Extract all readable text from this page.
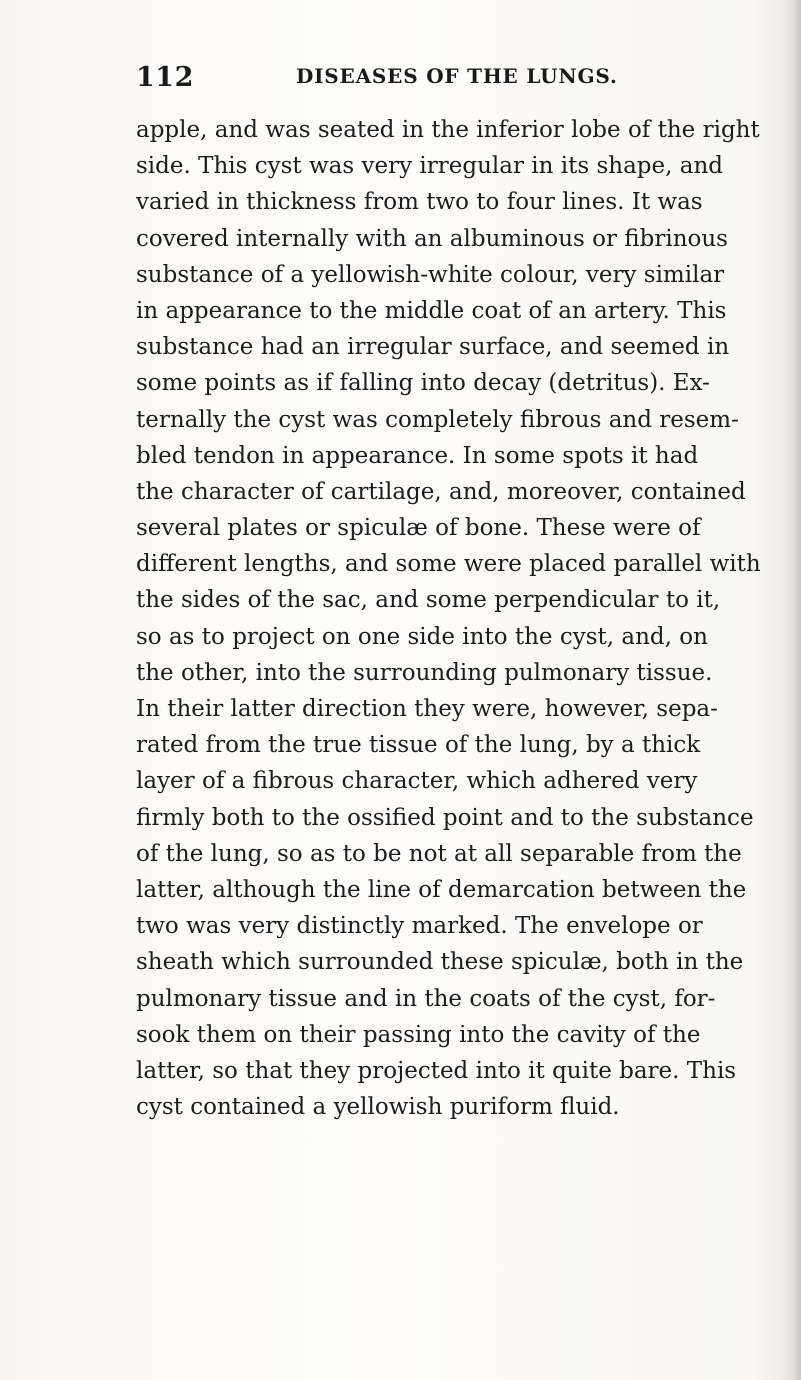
112	DISEASES OF THE LUNGS.
apple, and was seated in the inferior lobe of the right
side. This cyst was very irregular in its shape, and
varied in thickness from two to four lines. It was
covered internally with an albuminous or fibrinous
substance of a yellowish-white colour, very similar
in appearance to the middle coat of an artery. This
substance had an irregular surface, and seemed in
some points as if falling into decay (detritus). Ex-
ternally the cyst was completely fibrous and resem-
bled tendon in appearance. In some spots it had
the character of cartilage, and, moreover, contained
several plates or spiculæ of bone. These were of
different lengths, and some were placed parallel with
the sides of the sac, and some perpendicular to it,
so as to project on one side into the cyst, and, on
the other, into the surrounding pulmonary tissue.
In their latter direction they were, however, sepa-
rated from the true tissue of the lung, by a thick
layer of a fibrous character, which adhered very
firmly both to the ossified point and to the substance
of the lung, so as to be not at all separable from the
latter, although the line of demarcation between the
two was very distinctly marked. The envelope or
sheath which surrounded these spiculæ, both in the
pulmonary tissue and in the coats of the cyst, for-
sook them on their passing into the cavity of the
latter, so that they projected into it quite bare. This
cyst contained a yellowish puriform fluid.
